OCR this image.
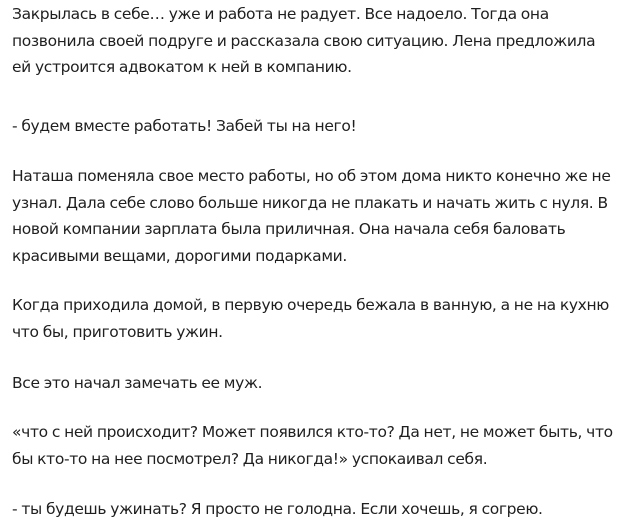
Закрылась в себе… уже и работа не радует. Все надоело. Тогда она
позвонила своей подруге и рассказала свою ситуацию. Лена предложила
ей устроится адвокатом к ней в компанию.

- будем вместе работать! Забей ты на него!

Наташа поменяла свое место работы, но об этом дома никто конечно же не
узнал. Дала себе слово больше никогда не плакать и начать жить с нуля. В
новой компании зарплата была приличная. Она начала себя баловать
красивыми вещами, дорогими подарками.

Когда приходила домой, в первую очередь бежала в ванную, а не на кухню
что бы, приготовить ужин.

Все это начал замечать ее муж.

«что с ней происходит? Может появился кто-то? Да нет, не может быть, что
бы кто-то на нее посмотрел? Да никогда!» успокаивал себя.

- ты будешь ужинать? Я просто не голодна. Если хочешь, я согрею.
